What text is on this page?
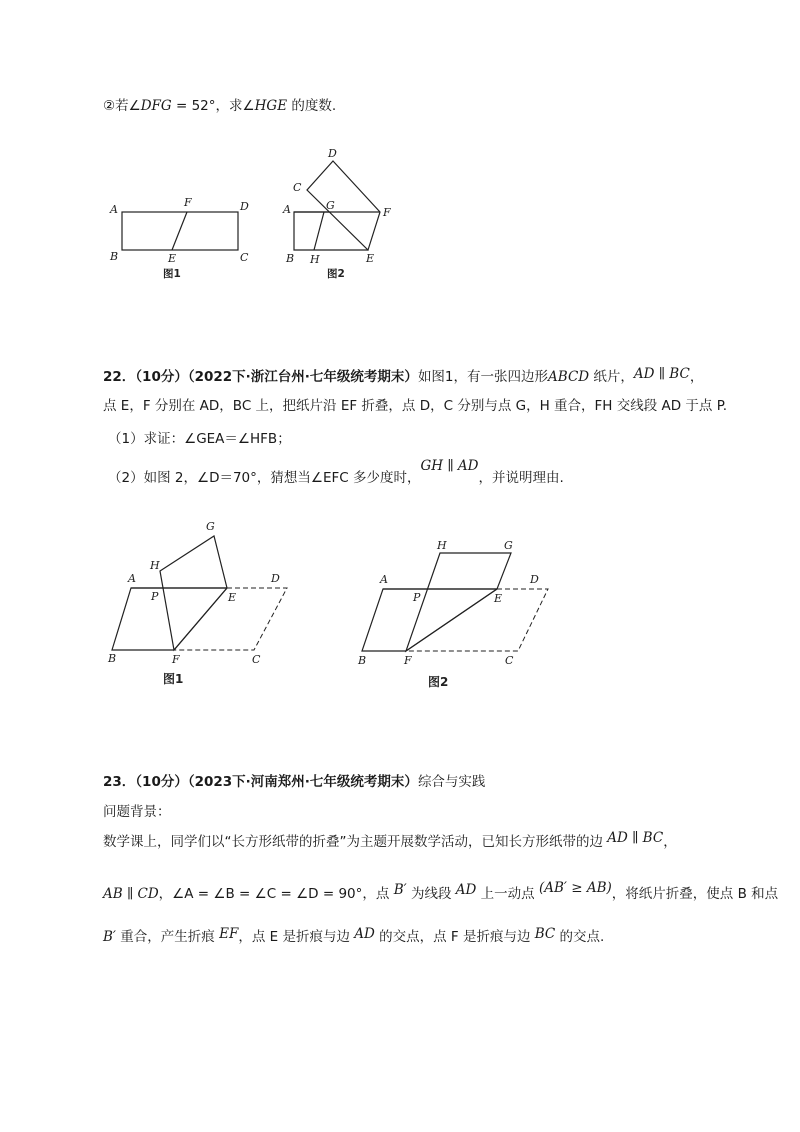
②若∠DFG = 52°，求∠HGE 的度数.
A
F	D
B	E	C
图1
D
C
A	G
F
B H	E
图2
22．（10分）（2022下·浙江台州·七年级统考期末）如图1，有一张四边形ABCD 纸片，AD ∥ BC，
点 E，F 分别在 AD，BC 上，把纸片沿 EF 折叠，点 D，C 分别与点 G，H 重合，FH 交线段 AD 于点 P.
（1）求证：∠GEA＝∠HFB；
（2）如图 2，∠D＝70°，猜想当∠EFC 多少度时，GH ∥ AD，并说明理由.
G
H
A
P	E
D
B	F	C
图1
H	G
A
P	E
D
B	F	C
图2
23．（10分）（2023下·河南郑州·七年级统考期末）综合与实践
问题背景：
数学课上，同学们以“长方形纸带的折叠”为主题开展数学活动，已知长方形纸带的边 AD ∥ BC，
AB ∥ CD，∠A = ∠B = ∠C = ∠D = 90°，点 B′ 为线段 AD 上一动点 (AB′ ≥ AB)，将纸片折叠，使点 B 和点
B′ 重合，产生折痕 EF，点 E 是折痕与边 AD 的交点，点 F 是折痕与边 BC 的交点.
